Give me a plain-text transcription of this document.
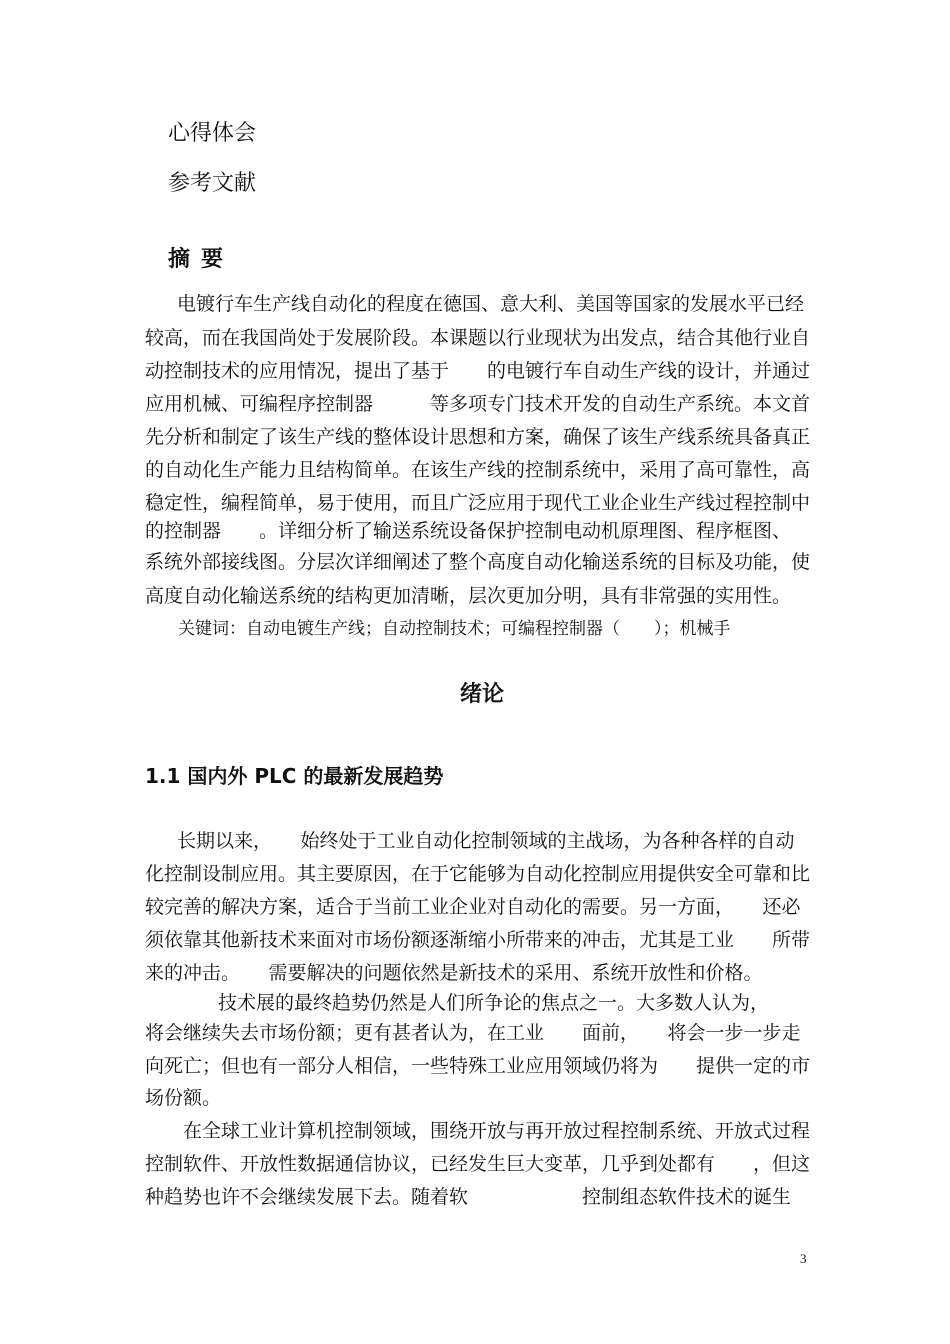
心得体会
参考文献
摘要
电镀行车生产线自动化的程度在德国、意大利、美国等国家的发展水平已经
较高，而在我国尚处于发展阶段。本课题以行业现状为出发点，结合其他行业自
动控制技术的应用情况，提出了基于　　的电镀行车自动生产线的设计，并通过
应用机械、可编程序控制器　　　等多项专门技术开发的自动生产系统。本文首
先分析和制定了该生产线的整体设计思想和方案，确保了该生产线系统具备真正
的自动化生产能力且结构简单。在该生产线的控制系统中，采用了高可靠性，高
稳定性，编程简单，易于使用，而且广泛应用于现代工业企业生产线过程控制中
的控制器　　。详细分析了输送系统设备保护控制电动机原理图、程序框图、
系统外部接线图。分层次详细阐述了整个高度自动化输送系统的目标及功能，使
高度自动化输送系统的结构更加清晰，层次更加分明，具有非常强的实用性。
关键词：自动电镀生产线；自动控制技术；可编程控制器（　　）；机械手
绪论
1.1 国内外 PLC 的最新发展趋势
长期以来，　　始终处于工业自动化控制领域的主战场，为各种各样的自动
化控制设制应用。其主要原因，在于它能够为自动化控制应用提供安全可靠和比
较完善的解决方案，适合于当前工业企业对自动化的需要。另一方面，　　还必
须依靠其他新技术来面对市场份额逐渐缩小所带来的冲击，尤其是工业　　所带
来的冲击。　　需要解决的问题依然是新技术的采用、系统开放性和价格。
技术展的最终趋势仍然是人们所争论的焦点之一。大多数人认为，
将会继续失去市场份额；更有甚者认为，在工业　　面前，　　将会一步一步走
向死亡；但也有一部分人相信，一些特殊工业应用领域仍将为　　提供一定的市
场份额。
在全球工业计算机控制领域，围绕开放与再开放过程控制系统、开放式过程
控制软件、开放性数据通信协议，已经发生巨大变革，几乎到处都有　　，但这
种趋势也许不会继续发展下去。随着软　　　　　　控制组态软件技术的诞生
3
